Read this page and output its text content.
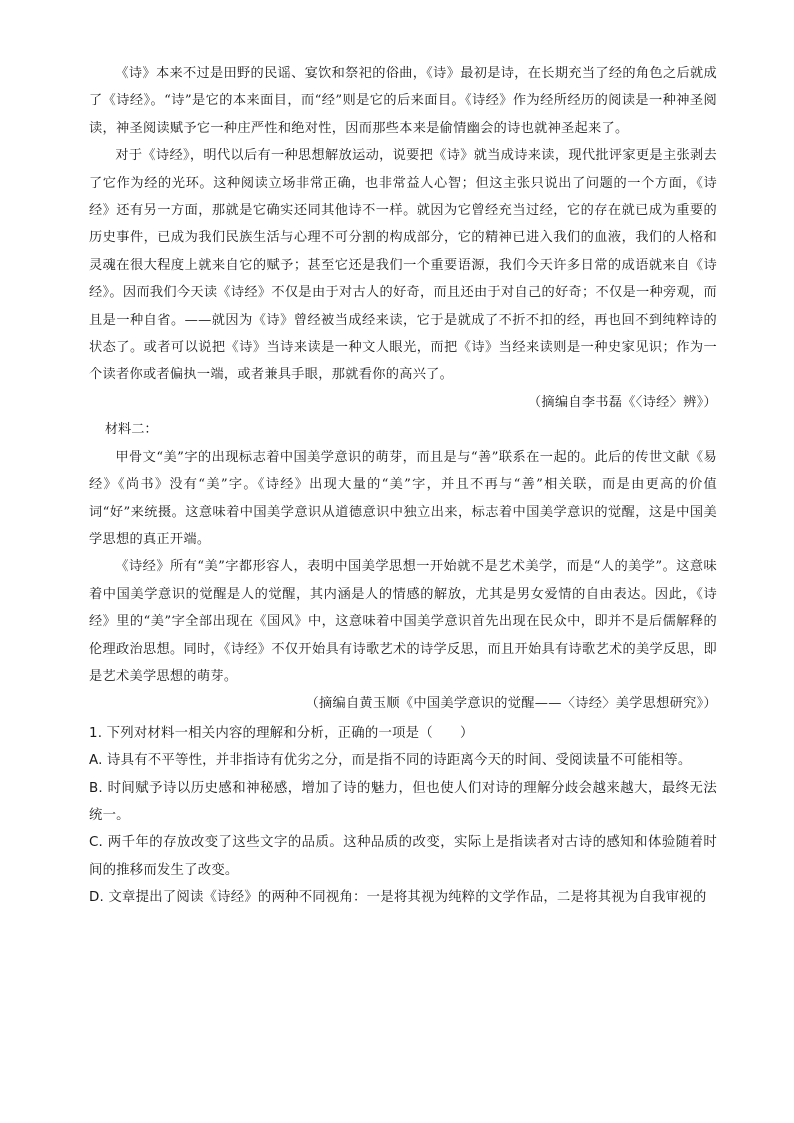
《诗》本来不过是田野的民谣、宴饮和祭祀的俗曲，《诗》最初是诗，在长期充当了经的角色之后就成了《诗经》。“诗”是它的本来面目，而“经”则是它的后来面目。《诗经》作为经所经历的阅读是一种神圣阅读，神圣阅读赋予它一种庄严性和绝对性，因而那些本来是偷情幽会的诗也就神圣起来了。

对于《诗经》，明代以后有一种思想解放运动，说要把《诗》就当成诗来读，现代批评家更是主张剥去了它作为经的光环。这种阅读立场非常正确，也非常益人心智；但这主张只说出了问题的一个方面，《诗经》还有另一方面，那就是它确实还同其他诗不一样。就因为它曾经充当过经，它的存在就已成为重要的历史事件，已成为我们民族生活与心理不可分割的构成部分，它的精神已进入我们的血液，我们的人格和灵魂在很大程度上就来自它的赋予；甚至它还是我们一个重要语源，我们今天许多日常的成语就来自《诗经》。因而我们今天读《诗经》不仅是由于对古人的好奇，而且还由于对自己的好奇；不仅是一种旁观，而且是一种自省。——就因为《诗》曾经被当成经来读，它于是就成了不折不扣的经，再也回不到纯粹诗的状态了。或者可以说把《诗》当诗来读是一种文人眼光，而把《诗》当经来读则是一种史家见识；作为一个读者你或者偏执一端，或者兼具手眼，那就看你的高兴了。

（摘编自李书磊《〈诗经〉辨》）

材料二：

甲骨文“美”字的出现标志着中国美学意识的萌芽，而且是与“善”联系在一起的。此后的传世文献《易经》《尚书》没有“美”字。《诗经》出现大量的“美”字，并且不再与“善”相关联，而是由更高的价值词“好”来统摄。这意味着中国美学意识从道德意识中独立出来，标志着中国美学意识的觉醒，这是中国美学思想的真正开端。

《诗经》所有“美”字都形容人，表明中国美学思想一开始就不是艺术美学，而是“人的美学”。这意味着中国美学意识的觉醒是人的觉醒，其内涵是人的情感的解放，尤其是男女爱情的自由表达。因此，《诗经》里的“美”字全部出现在《国风》中，这意味着中国美学意识首先出现在民众中，即并不是后儒解释的伦理政治思想。同时，《诗经》不仅开始具有诗歌艺术的诗学反思，而且开始具有诗歌艺术的美学反思，即是艺术美学思想的萌芽。

（摘编自黄玉顺《中国美学意识的觉醒——〈诗经〉美学思想研究》）

1. 下列对材料一相关内容的理解和分析，正确的一项是（　　）

A. 诗具有不平等性，并非指诗有优劣之分，而是指不同的诗距离今天的时间、受阅读量不可能相等。

B. 时间赋予诗以历史感和神秘感，增加了诗的魅力，但也使人们对诗的理解分歧会越来越大，最终无法统一。

C. 两千年的存放改变了这些文字的品质。这种品质的改变，实际上是指读者对古诗的感知和体验随着时间的推移而发生了改变。

D. 文章提出了阅读《诗经》的两种不同视角：一是将其视为纯粹的文学作品，二是将其视为自我审视的
